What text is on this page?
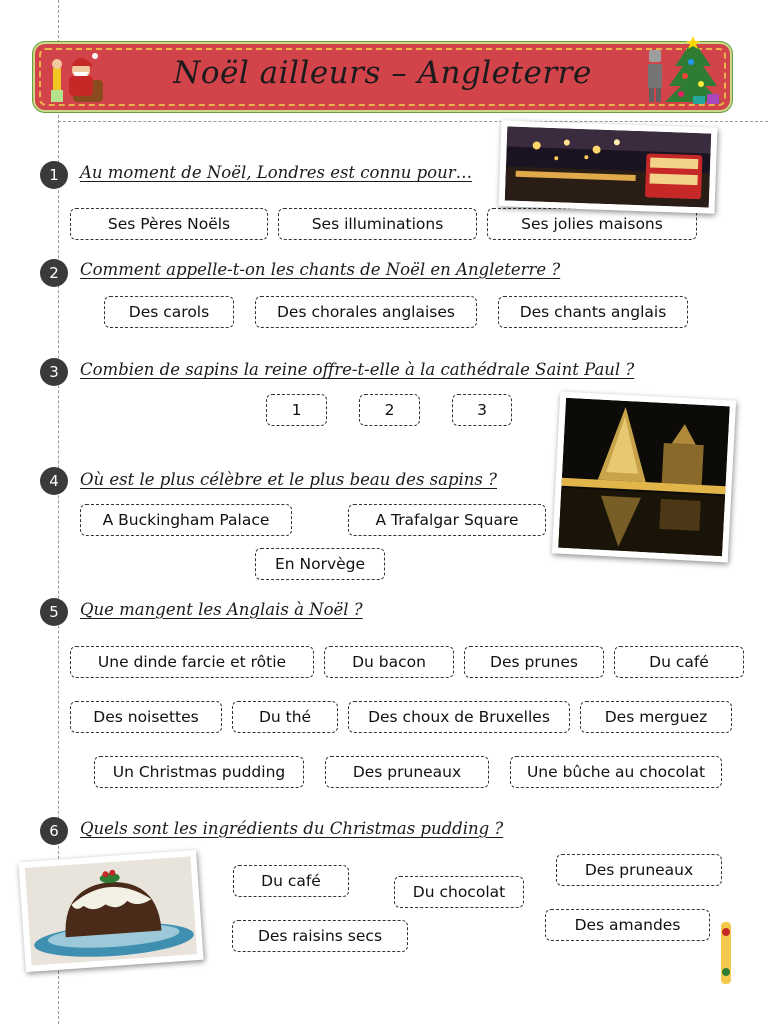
Noël ailleurs – Angleterre
1	Au moment de Noël, Londres est connu pour…
Ses Pères Noëls	Ses illuminations	Ses jolies maisons
2	Comment appelle-t-on les chants de Noël en Angleterre ?
Des carols	Des chorales anglaises	Des chants anglais
3	Combien de sapins la reine offre-t-elle à la cathédrale Saint Paul ?
1	2	3
4	Où est le plus célèbre et le plus beau des sapins ?
A Buckingham Palace	A Trafalgar Square
En Norvège
5	Que mangent les Anglais à Noël ?
Une dinde farcie et rôtie	Du bacon	Des prunes	Du café
Des noisettes	Du thé	Des choux de Bruxelles	Des merguez
Un Christmas pudding	Des pruneaux	Une bûche au chocolat
6	Quels sont les ingrédients du Christmas pudding ?
Du café
Du chocolat
Des pruneaux
Des raisins secs
Des amandes
